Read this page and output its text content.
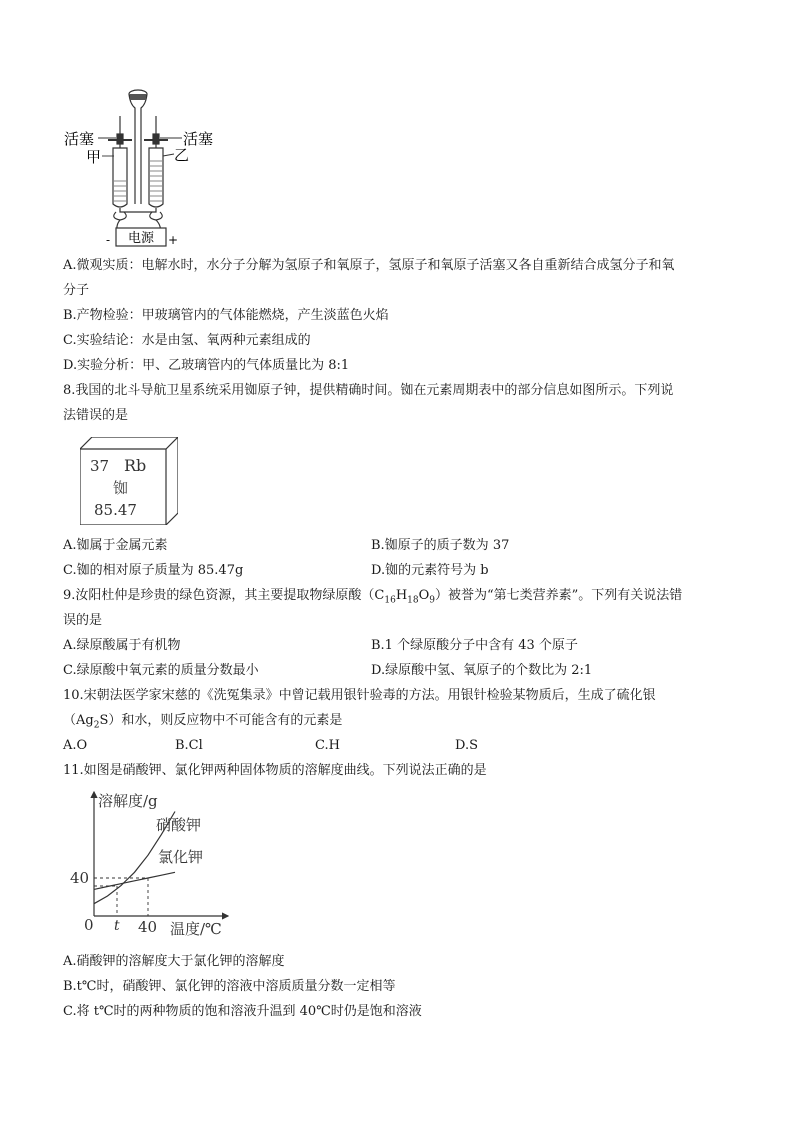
电源
-	+
活塞	活塞
甲	乙
A.微观实质：电解水时，水分子分解为氢原子和氧原子，氢原子和氧原子活塞又各自重新结合成氢分子和氧
分子
B.产物检验：甲玻璃管内的气体能燃烧，产生淡蓝色火焰
C.实验结论：水是由氢、氧两种元素组成的
D.实验分析：甲、乙玻璃管内的气体质量比为 8:1
8.我国的北斗导航卫星系统采用铷原子钟，提供精确时间。铷在元素周期表中的部分信息如图所示。下列说
法错误的是
37 Rb
铷
85.47
A.铷属于金属元素	B.铷原子的质子数为 37
C.铷的相对原子质量为 85.47g	D.铷的元素符号为 b
9.汝阳杜仲是珍贵的绿色资源，其主要提取物绿原酸$(C_{16}H_{18}O_9)$被誉为“第七类营养素”。下列有关说法错
误的是
A.绿原酸属于有机物	B.1 个绿原酸分子中含有 43 个原子
C.绿原酸中氧元素的质量分数最小	D.绿原酸中氢、氧原子的个数比为 2:1
10.宋朝法医学家宋慈的《洗冤集录》中曾记载用银针验毒的方法。用银针检验某物质后，生成了硫化银
$(Ag_2S)$和水，则反应物中不可能含有的元素是
A.O	B.Cl	C.H	D.S
11.如图是硝酸钾、氯化钾两种固体物质的溶解度曲线。下列说法正确的是
溶解度/g
温度/℃
40
0 t 40
硝酸钾
氯化钾
A.硝酸钾的溶解度大于氯化钾的溶解度
B.t℃时，硝酸钾、氯化钾的溶液中溶质质量分数一定相等
C.将 t℃时的两种物质的饱和溶液升温到 40℃时仍是饱和溶液
